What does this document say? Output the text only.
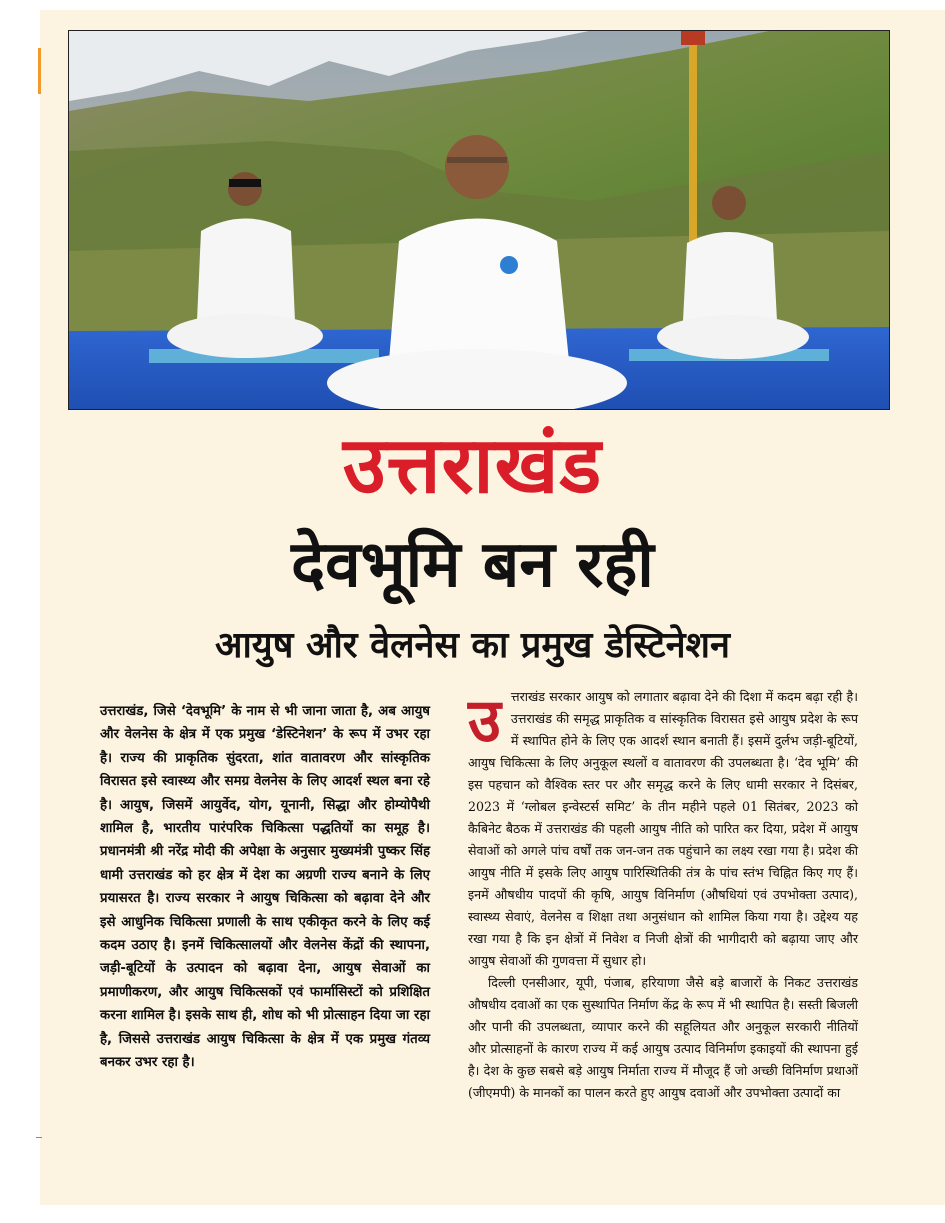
उत्तराखंड
देवभूमि बन रही
आयुष और वेलनेस का प्रमुख डेस्टिनेशन
उत्तराखंड, जिसे ‘देवभूमि’ के नाम से भी जाना जाता है, अब आयुष और वेलनेस के क्षेत्र में एक प्रमुख ‘डेस्टिनेशन’ के रूप में उभर रहा है। राज्य की प्राकृतिक सुंदरता, शांत वातावरण और सांस्कृतिक विरासत इसे स्वास्थ्य और समग्र वेलनेस के लिए आदर्श स्थल बना रहे है। आयुष, जिसमें आयुर्वेद, योग, यूनानी, सिद्धा और होम्योपैथी शामिल है, भारतीय पारंपरिक चिकित्सा पद्धतियों का समूह है। प्रधानमंत्री श्री नरेंद्र मोदी की अपेक्षा के अनुसार मुख्यमंत्री पुष्कर सिंह धामी उत्तराखंड को हर क्षेत्र में देश का अग्रणी राज्य बनाने के लिए प्रयासरत है। राज्य सरकार ने आयुष चिकित्सा को बढ़ावा देने और इसे आधुनिक चिकित्सा प्रणाली के साथ एकीकृत करने के लिए कई कदम उठाए है। इनमें चिकित्सालयों और वेलनेस केंद्रों की स्थापना, जड़ी-बूटियों के उत्पादन को बढ़ावा देना, आयुष सेवाओं का प्रमाणीकरण, और आयुष चिकित्सकों एवं फार्मासिस्टों को प्रशिक्षित करना शामिल है। इसके साथ ही, शोध को भी प्रोत्साहन दिया जा रहा है, जिससे उत्तराखंड आयुष चिकित्सा के क्षेत्र में एक प्रमुख गंतव्य बनकर उभर रहा है।

उत्तराखंड सरकार आयुष को लगातार बढ़ावा देने की दिशा में कदम बढ़ा रही है। उत्तराखंड की समृद्ध प्राकृतिक व सांस्कृतिक विरासत इसे आयुष प्रदेश के रूप में स्थापित होने के लिए एक आदर्श स्थान बनाती हैं। इसमें दुर्लभ जड़ी-बूटियों, आयुष चिकित्सा के लिए अनुकूल स्थलों व वातावरण की उपलब्धता है। ‘देव भूमि’ की इस पहचान को वैश्विक स्तर पर और समृद्ध करने के लिए धामी सरकार ने दिसंबर, 2023 में ‘ग्लोबल इन्वेस्टर्स समिट’ के तीन महीने पहले 01 सितंबर, 2023 को कैबिनेट बैठक में उत्तराखंड की पहली आयुष नीति को पारित कर दिया, प्रदेश में आयुष सेवाओं को अगले पांच वर्षों तक जन-जन तक पहुंचाने का लक्ष्य रखा गया है। प्रदेश की आयुष नीति में इसके लिए आयुष पारिस्थितिकी तंत्र के पांच स्तंभ चिह्नित किए गए हैं। इनमें औषधीय पादपों की कृषि, आयुष विनिर्माण (औषधियां एवं उपभोक्ता उत्पाद), स्वास्थ्य सेवाएं, वेलनेस व शिक्षा तथा अनुसंधान को शामिल किया गया है। उद्देश्य यह रखा गया है कि इन क्षेत्रों में निवेश व निजी क्षेत्रों की भागीदारी को बढ़ाया जाए और आयुष सेवाओं की गुणवत्ता में सुधार हो।

दिल्ली एनसीआर, यूपी, पंजाब, हरियाणा जैसे बड़े बाजारों के निकट उत्तराखंड औषधीय दवाओं का एक सुस्थापित निर्माण केंद्र के रूप में भी स्थापित है। सस्ती बिजली और पानी की उपलब्धता, व्यापार करने की सहूलियत और अनुकूल सरकारी नीतियों और प्रोत्साहनों के कारण राज्य में कई आयुष उत्पाद विनिर्माण इकाइयों की स्थापना हुई है। देश के कुछ सबसे बड़े आयुष निर्माता राज्य में मौजूद हैं जो अच्छी विनिर्माण प्रथाओं (जीएमपी) के मानकों का पालन करते हुए आयुष दवाओं और उपभोक्ता उत्पादों का
